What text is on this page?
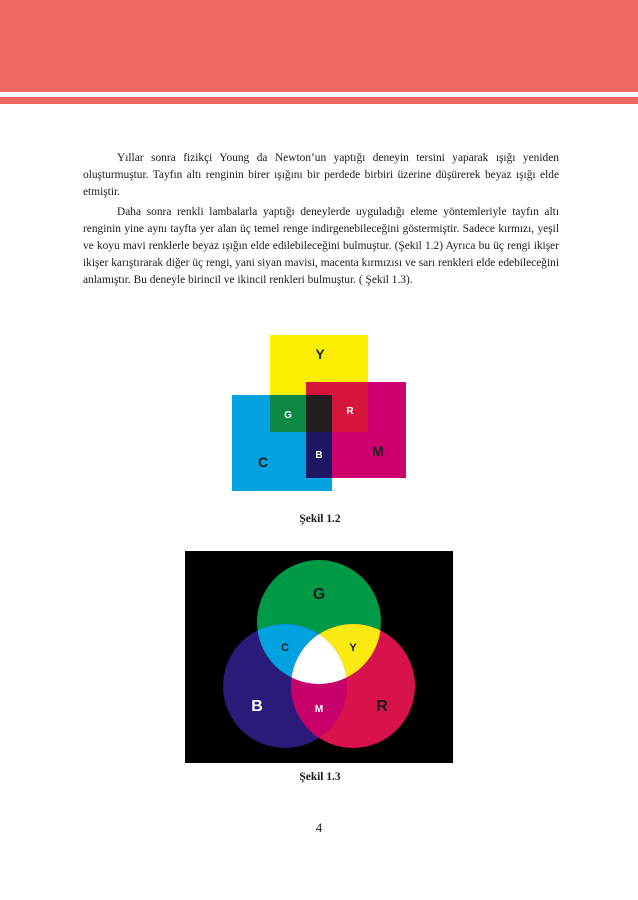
Yıllar sonra fizikçi Young da Newton’un yaptığı deneyin tersini yaparak ışığı yeniden oluşturmuştur. Tayfın altı renginin birer ışığını bir perdede birbiri üzerine düşürerek beyaz ışığı elde etmiştir.

Daha sonra renkli lambalarla yaptığı deneylerde uyguladığı eleme yöntemleriyle tayfın altı renginin yine aynı tayfta yer alan üç temel renge indirgenebileceğini göstermiştir. Sadece kırmızı, yeşil ve koyu mavi renklerle beyaz ışığın elde edilebileceğini bulmuştur. (Şekil 1.2) Ayrıca bu üç rengi ikişer ikişer karıştırarak diğer üç rengi, yani siyan mavisi, macenta kırmızısı ve sarı renkleri elde edebileceğini anlamıştır. Bu deneyle birincil ve ikincil renkleri bulmuştur. ( Şekil 1.3).

Y
G	R
C	B	M

Şekil 1.2

G
C	Y
B	M	R

Şekil 1.3

4
